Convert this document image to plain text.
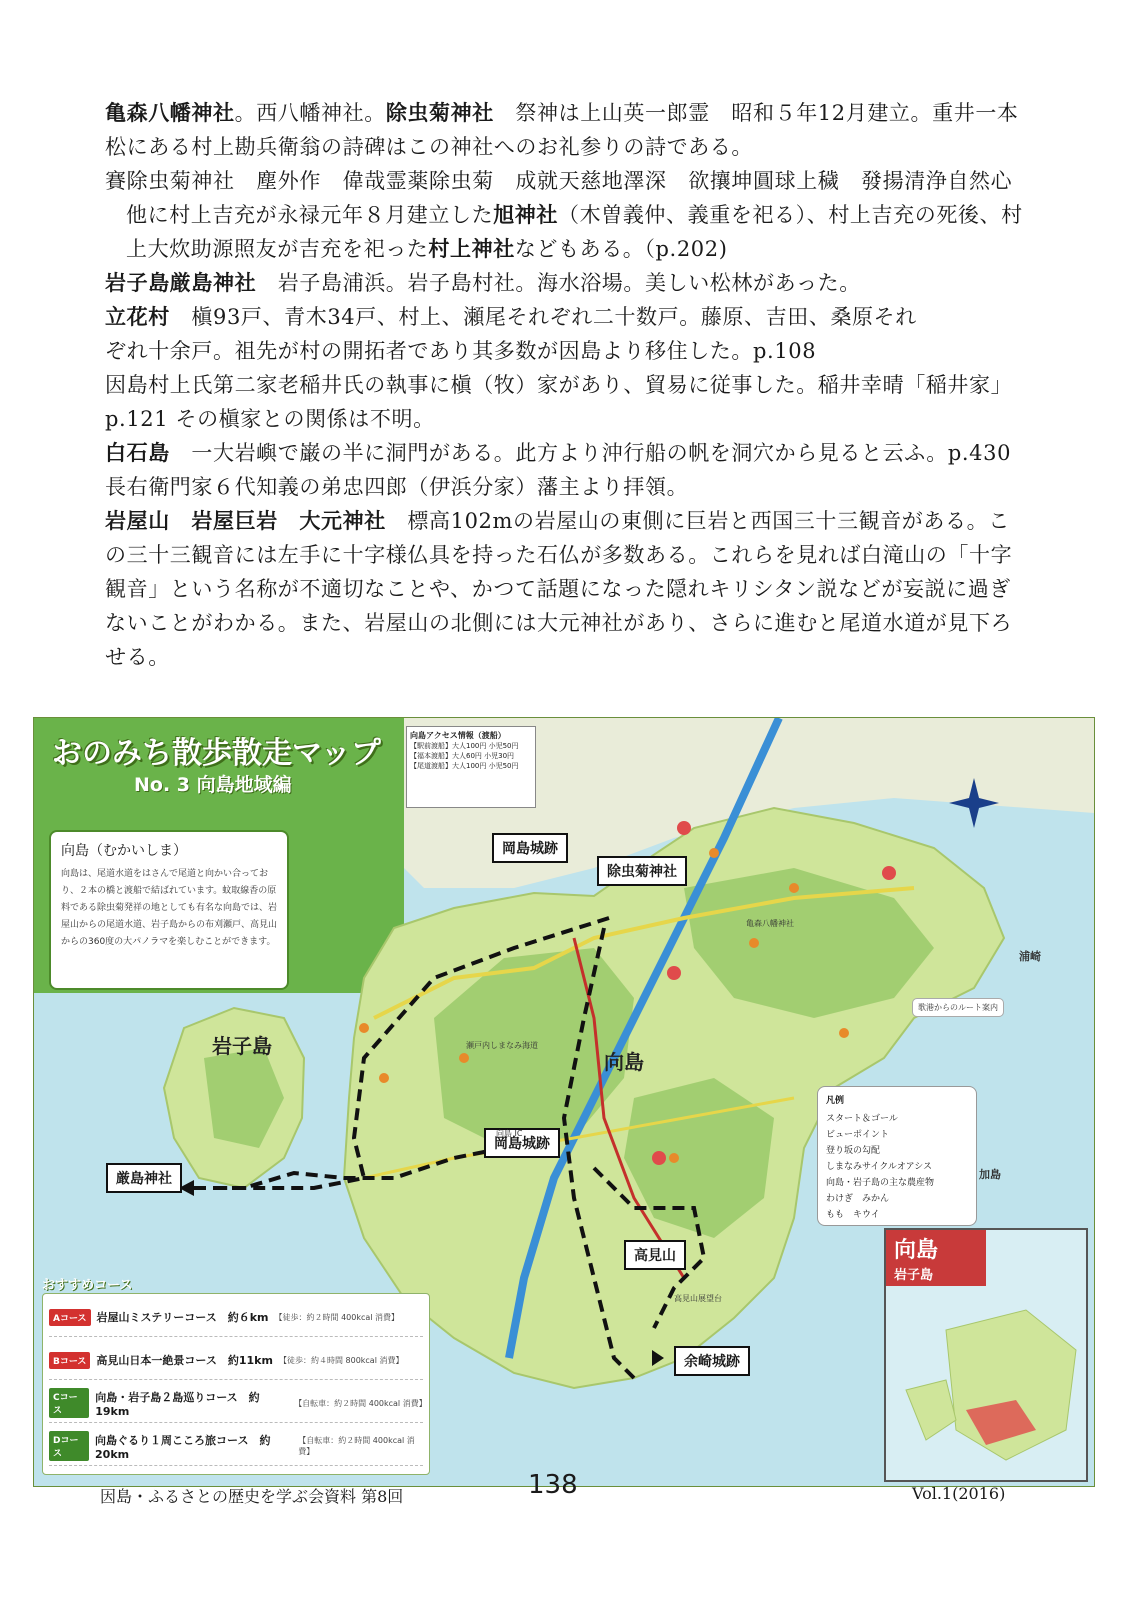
亀森八幡神社。西八幡神社。除虫菊神社　祭神は上山英一郎霊　昭和５年12月建立。重井一本松にある村上勘兵衛翁の詩碑はこの神社へのお礼参りの詩である。

賽除虫菊神社　塵外作　偉哉霊薬除虫菊　成就天慈地澤深　欲攘坤圓球上穢　發揚清浄自然心

他に村上吉充が永禄元年８月建立した旭神社（木曽義仲、義重を祀る）、村上吉充の死後、村上大炊助源照友が吉充を祀った村上神社などもある。（p.202)

岩子島厳島神社　岩子島浦浜。岩子島村社。海水浴場。美しい松林があった。

立花村　槇93戸、青木34戸、村上、瀬尾それぞれ二十数戸。藤原、吉田、桑原それ

ぞれ十余戸。祖先が村の開拓者であり其多数が因島より移住した。p.108

因島村上氏第二家老稲井氏の執事に槇（牧）家があり、貿易に従事した。稲井幸晴「稲井家」p.121 その槇家との関係は不明。

白石島　一大岩嶼で巌の半に洞門がある。此方より沖行船の帆を洞穴から見ると云ふ。p.430　長右衛門家６代知義の弟忠四郎（伊浜分家）藩主より拝領。

岩屋山　岩屋巨岩　大元神社　標高102mの岩屋山の東側に巨岩と西国三十三観音がある。この三十三観音には左手に十字様仏具を持った石仏が多数ある。これらを見れば白滝山の「十字観音」という名称が不適切なことや、かつて話題になった隠れキリシタン説などが妄説に過ぎないことがわかる。また、岩屋山の北側には大元神社があり、さらに進むと尾道水道が見下ろせる。

おのみち散歩散走マップ
No. 3 向島地域編
向島（むかいしま）
向島は、尾道水道をはさんで尾道と向かい合っており、２本の橋と渡船で結ばれています。蚊取線香の原料である除虫菊発祥の地としても有名な向島では、岩屋山からの尾道水道、岩子島からの布刈瀬戸、高見山からの360度の大パノラマを楽しむことができます。
向島アクセス情報（渡船）
【駅前渡船】大人100円 小児50円
【福本渡船】大人60円 小児30円
【尾道渡船】大人100円 小児50円
岡島城跡
岡島城跡
除虫菊神社
厳島神社
高見山
余崎城跡
岩子島
向島
亀森八幡神社
瀬戸内しまなみ海道
向島 IC
高見山展望台
浦崎
加島
歌港からのルート案内
凡例
スタート＆ゴール
ビューポイント
登り坂の勾配
しまなみサイクルオアシス
向島・岩子島の主な農産物
わけぎ　みかん
もも　キウイ
おすすめコース
Aコース 岩屋山ミステリーコース　約６km 【徒歩：約２時間 400kcal 消費】
Bコース 高見山日本一絶景コース　約11km 【徒歩：約４時間 800kcal 消費】
Cコース
向島・岩子島２島巡りコース　約19km
【自転車：約２時間 400kcal 消費】
Dコース
向島ぐるり１周こころ旅コース　約20km
【自転車：約２時間 400kcal 消費】
向島
岩子島
因島・ふるさとの歴史を学ぶ会資料 第8回	138	Vol.1(2016)
